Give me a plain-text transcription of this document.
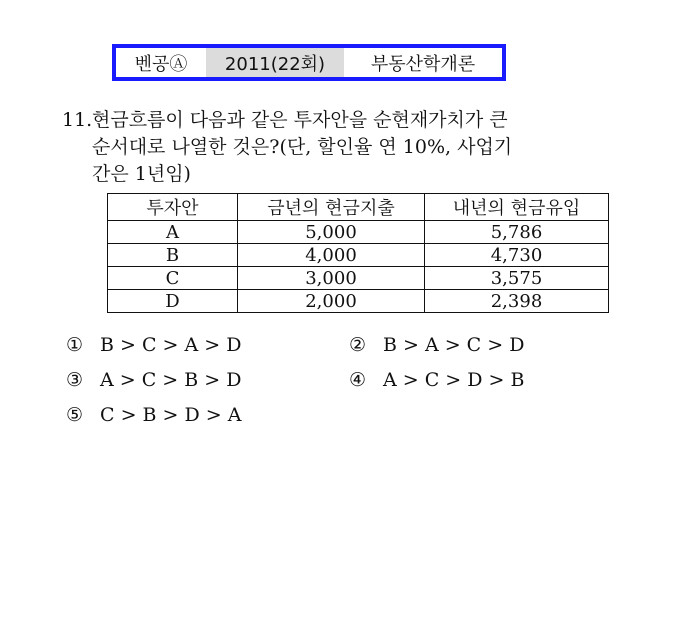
벤공Ⓐ 2011(22회)	부동산학개론
11. 현금흐름이 다음과 같은 투자안을 순현재가치가 큰
순서대로 나열한 것은?(단, 할인율 연 10%, 사업기
간은 1년임)
투자안	금년의 현금지출	내년의 현금유입
A	5,000	5,786
B	4,000	4,730
C	3,000	3,575
D	2,000	2,398
① B > C > A > D	② B > A > C > D
③ A > C > B > D	④ A > C > D > B
⑤ C > B > D > A
